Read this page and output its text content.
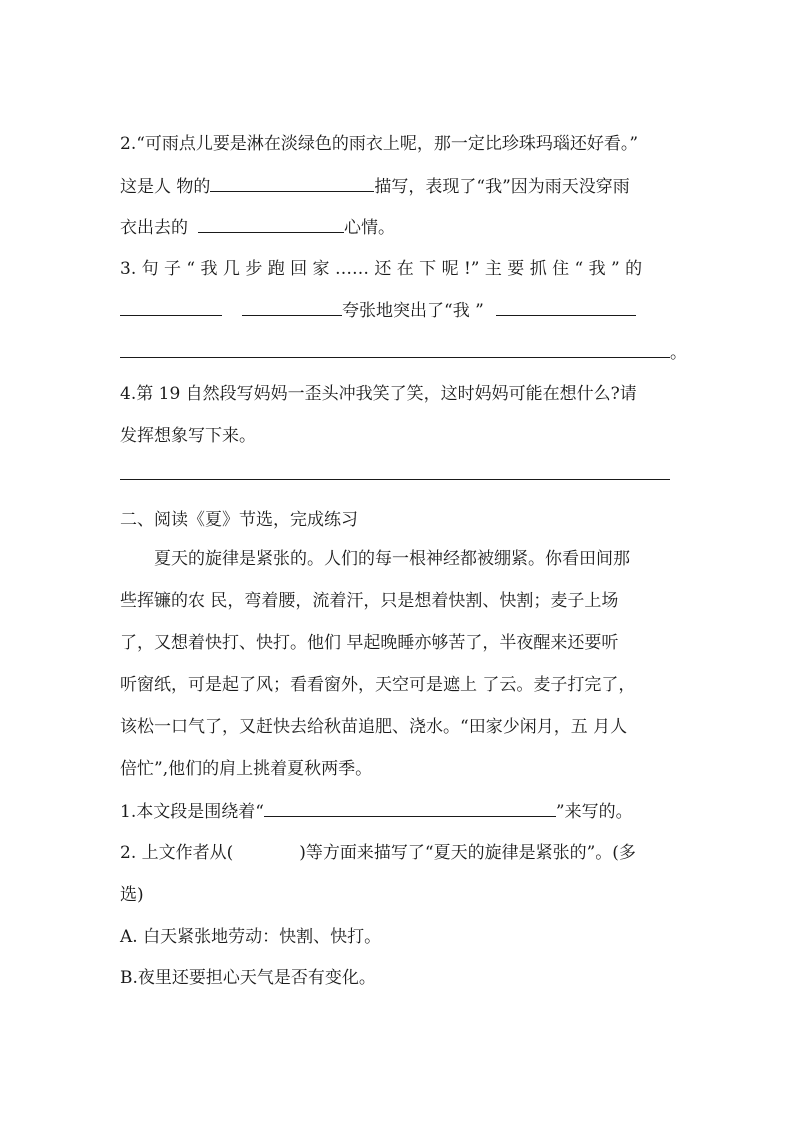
2.“可雨点儿要是淋在淡绿色的雨衣上呢，那一定比珍珠玛瑙还好看。”
这是人 物的	描写，表现了“我”因为雨天没穿雨
衣出去的	心情。
3. 句 子 “ 我 几 步 跑 回 家 …… 还 在 下 呢 !” 主 要 抓 住 “ 我 ” 的
夸张地突出了“我 ”
。
4.第 19 自然段写妈妈一歪头冲我笑了笑，这时妈妈可能在想什么?请
发挥想象写下来。
二、阅读《夏》节选，完成练习
夏天的旋律是紧张的。人们的每一根神经都被绷紧。你看田间那
些挥镰的农 民，弯着腰，流着汗，只是想着快割、快割；麦子上场
了，又想着快打、快打。他们 早起晚睡亦够苦了，半夜醒来还要听
听窗纸，可是起了风；看看窗外，天空可是遮上 了云。麦子打完了，
该松一口气了，又赶快去给秋苗追肥、浇水。“田家少闲月，五 月人
倍忙”,他们的肩上挑着夏秋两季。
1.本文段是围绕着“	”来写的。
2. 上文作者从(	)等方面来描写了“夏天的旋律是紧张的”。(多
选)
A. 白天紧张地劳动：快割、快打。
B.夜里还要担心天气是否有变化。
